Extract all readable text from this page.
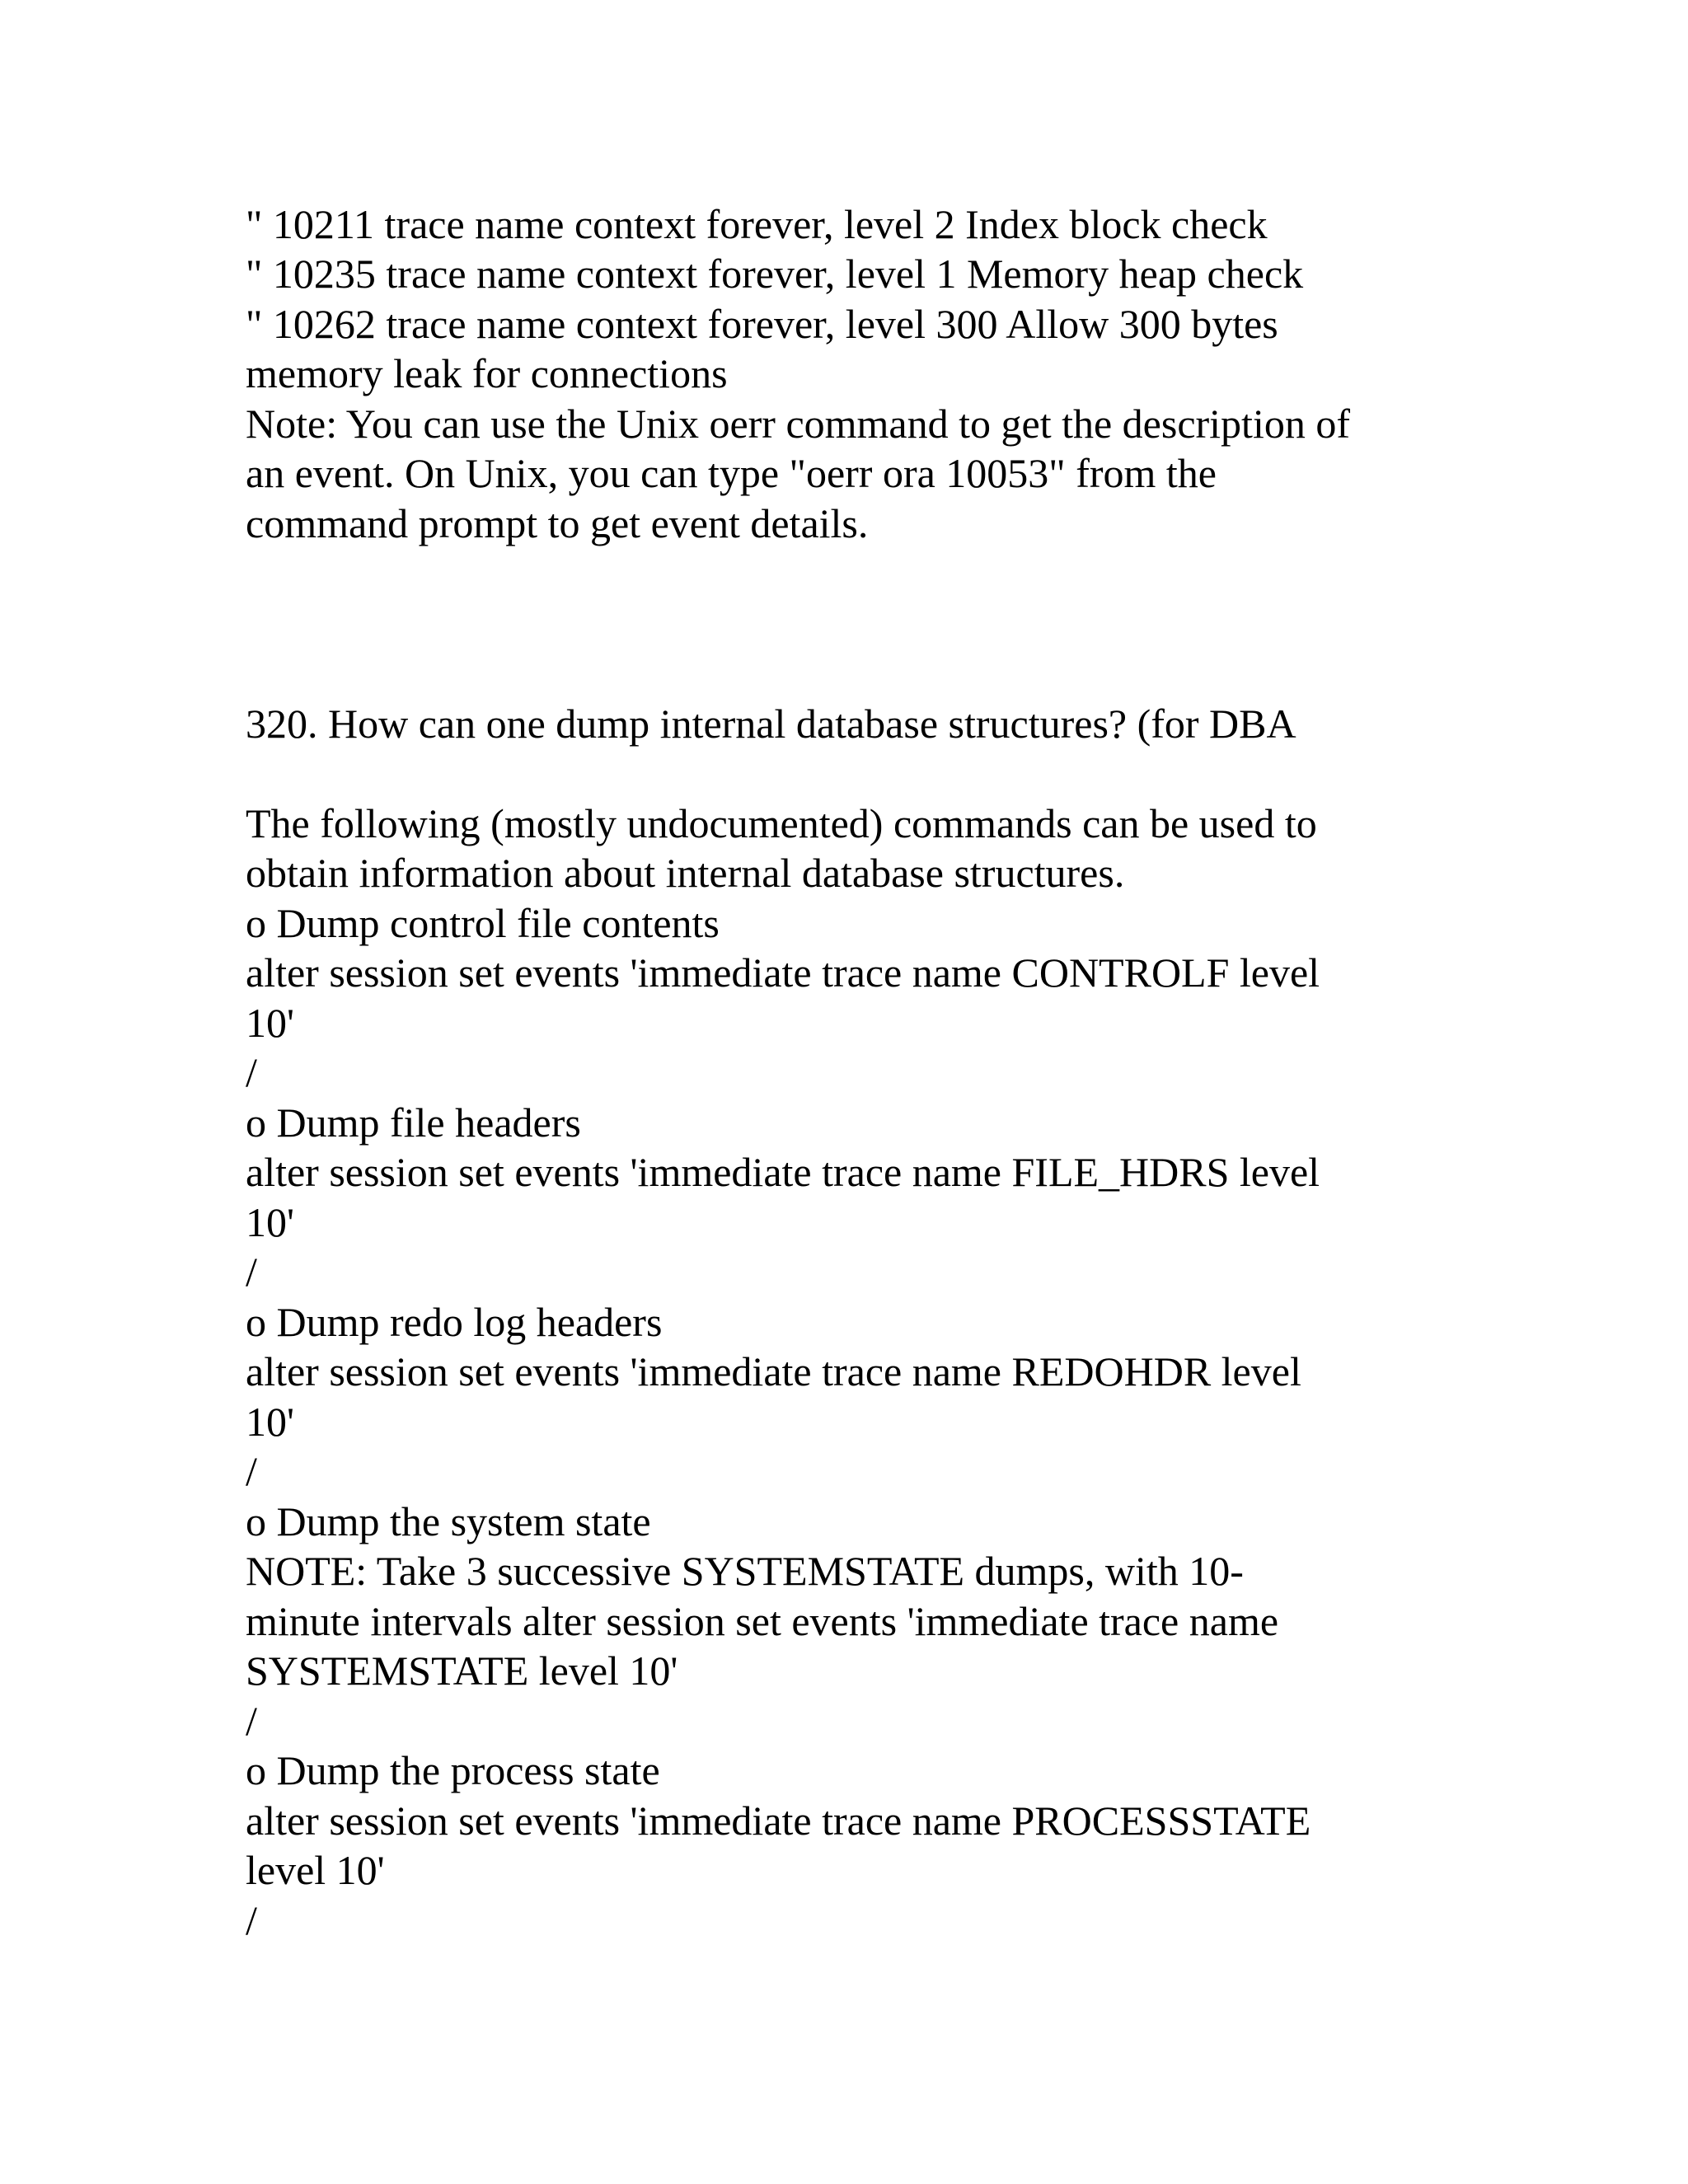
" 10211 trace name context forever, level 2 Index block check

" 10235 trace name context forever, level 1 Memory heap check

" 10262 trace name context forever, level 300 Allow 300 bytes

memory leak for connections

Note: You can use the Unix oerr command to get the description of

an event. On Unix, you can type "oerr ora 10053" from the

command prompt to get event details.

320. How can one dump internal database structures? (for DBA

The following (mostly undocumented) commands can be used to

obtain information about internal database structures.

o Dump control file contents

alter session set events 'immediate trace name CONTROLF level

10'

/

o Dump file headers

alter session set events 'immediate trace name FILE_HDRS level

10'

/

o Dump redo log headers

alter session set events 'immediate trace name REDOHDR level

10'

/

o Dump the system state

NOTE: Take 3 successive SYSTEMSTATE dumps, with 10-

minute intervals alter session set events 'immediate trace name

SYSTEMSTATE level 10'

/

o Dump the process state

alter session set events 'immediate trace name PROCESSSTATE

level 10'

/
